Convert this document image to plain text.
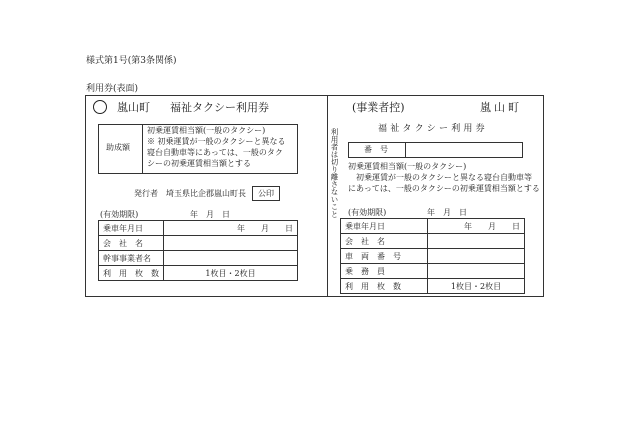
様式第1号(第3条関係)
利用券(表面)
嵐山町 福祉タクシー利用券
助成額
初乗運賃相当額(一般のタクシー)
※ 初乗運賃が一般のタクシーと異なる
寝台自動車等にあっては、一般のタク
シーの初乗運賃相当額とする
発行者　埼玉県比企郡嵐山町長	公印
(有効期限)	年　月　日
乗車年月日	年　　月　　日
会　社　名	
幹事事業者名	
利　用　枚　数	1枚目・2枚目
利用者は切り離さないこと
(事業者控)	嵐山町
福祉タクシー利用券
番　号
初乗運賃相当額(一般のタクシー)
初乗運賃が一般のタクシーと異なる寝台自動車等
にあっては、一般のタクシーの初乗運賃相当額とする
(有効期限)	年　月　日
乗車年月日	年　　月　　日
会　社　名	
車　両　番　号	
乗　務　員	
利　用　枚　数	1枚目・2枚目
